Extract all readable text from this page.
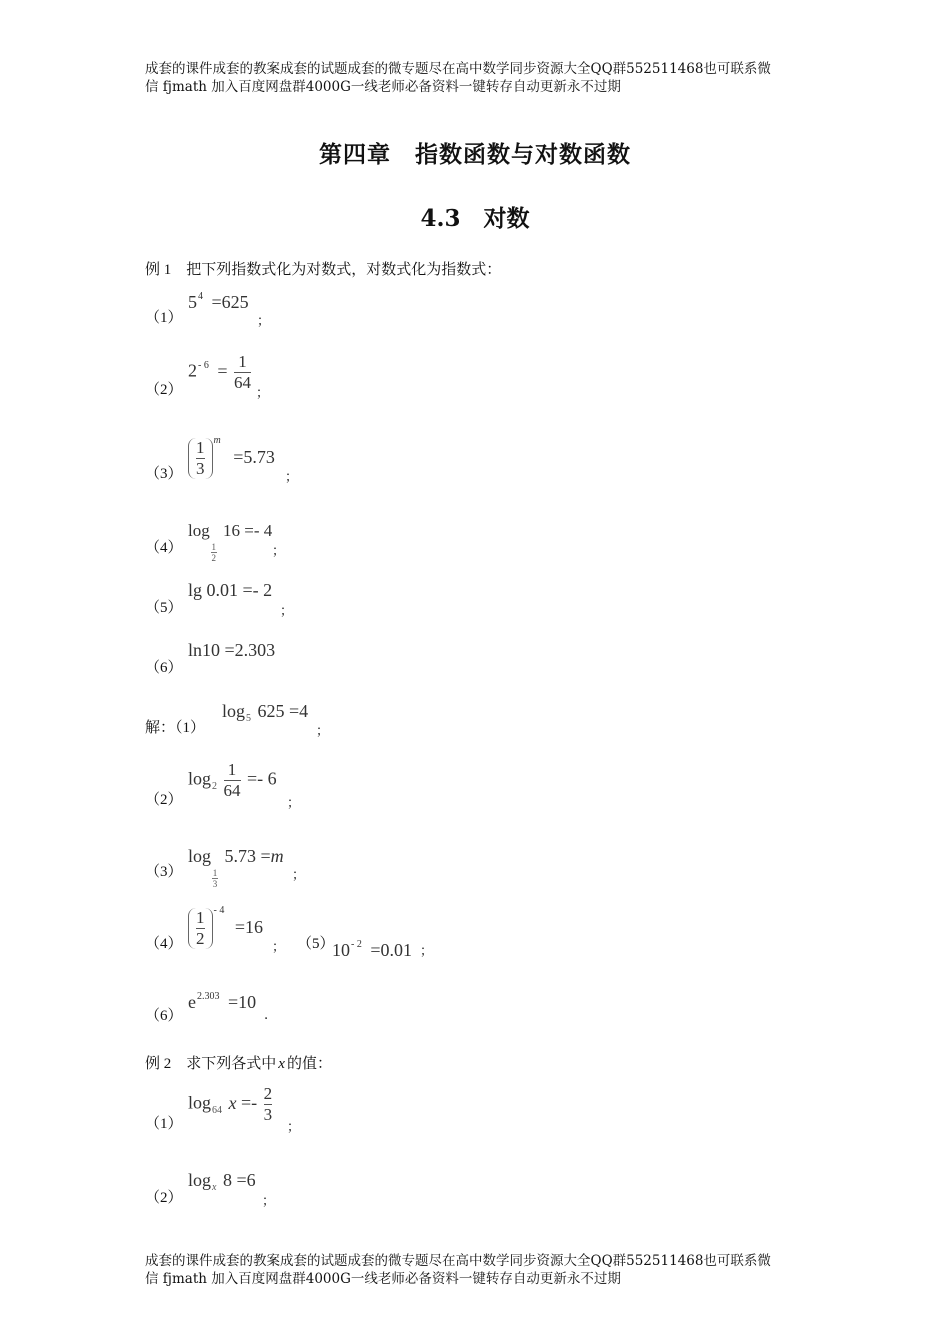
成套的课件成套的教案成套的试题成套的微专题尽在高中数学同步资源大全QQ群552511468也可联系微
信 fjmath 加入百度网盘群4000G一线老师必备资料一键转存自动更新永不过期
第四章　指数函数与对数函数
4.3　对数
例 1　把下列指数式化为对数式，对数式化为指数式：
（1）
$5^4 =625$
；
（2）
$2^{- 6} = \frac{1}{64}$
；
$(3) \frac{1}{3} ^m =5.73$
；
（4）
log
$\frac{1}{2}$
16 =- 4
；
（5）
lg 0.01 =- 2
；
（6）
ln10 =2.303
解：（1）
$\log_5 625 =4$
；
（2）
$\log_2 \frac{1}{64} =- 6$
；
（3）
log
$\frac{1}{3}$
5.73 =m
；
$(4) \frac{1}{2} ^{- 4} =16$
； （5）
$10^{- 2} =0.01$ ；
（6）
$e^{2.303} =10$
.
例 2　求下列各式中 x 的值：
（1）
$\log_{64} x =- \frac{2}{3}$
；
（2）
$\log_x 8 =6$
；
成套的课件成套的教案成套的试题成套的微专题尽在高中数学同步资源大全QQ群552511468也可联系微
信 fjmath 加入百度网盘群4000G一线老师必备资料一键转存自动更新永不过期
